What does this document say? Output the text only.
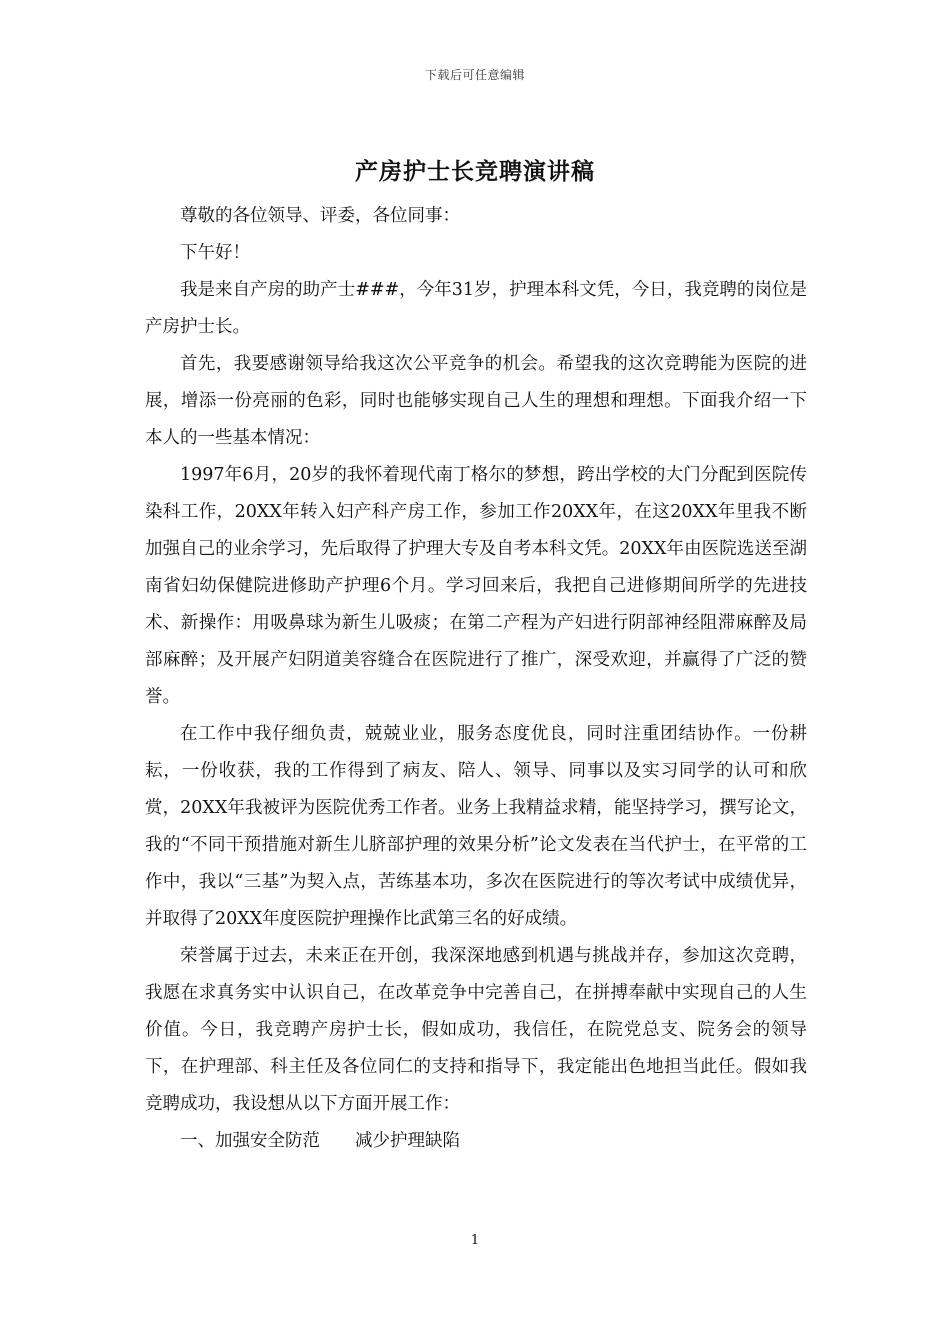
下载后可任意编辑
产房护士长竞聘演讲稿

尊敬的各位领导、评委，各位同事：

下午好！

我是来自产房的助产士###，今年31岁，护理本科文凭，今日，我竞聘的岗位是产房护士长。

首先，我要感谢领导给我这次公平竞争的机会。希望我的这次竞聘能为医院的进展，增添一份亮丽的色彩，同时也能够实现自己人生的理想和理想。下面我介绍一下本人的一些基本情况：

1997年6月，20岁的我怀着现代南丁格尔的梦想，跨出学校的大门分配到医院传染科工作，20XX年转入妇产科产房工作，参加工作20XX年，在这20XX年里我不断加强自己的业余学习，先后取得了护理大专及自考本科文凭。20XX年由医院选送至湖南省妇幼保健院进修助产护理6个月。学习回来后，我把自己进修期间所学的先进技术、新操作：用吸鼻球为新生儿吸痰；在第二产程为产妇进行阴部神经阻滞麻醉及局部麻醉；及开展产妇阴道美容缝合在医院进行了推广，深受欢迎，并赢得了广泛的赞誉。

在工作中我仔细负责，兢兢业业，服务态度优良，同时注重团结协作。一份耕耘，一份收获，我的工作得到了病友、陪人、领导、同事以及实习同学的认可和欣赏，20XX年我被评为医院优秀工作者。业务上我精益求精，能坚持学习，撰写论文，我的“不同干预措施对新生儿脐部护理的效果分析”论文发表在当代护士，在平常的工作中，我以“三基”为契入点，苦练基本功，多次在医院进行的等次考试中成绩优异，并取得了20XX年度医院护理操作比武第三名的好成绩。

荣誉属于过去，未来正在开创，我深深地感到机遇与挑战并存，参加这次竞聘，我愿在求真务实中认识自己，在改革竞争中完善自己，在拼搏奉献中实现自己的人生价值。今日，我竞聘产房护士长，假如成功，我信任，在院党总支、院务会的领导下，在护理部、科主任及各位同仁的支持和指导下，我定能出色地担当此任。假如我竞聘成功，我设想从以下方面开展工作：

一、加强安全防范　　减少护理缺陷

1
